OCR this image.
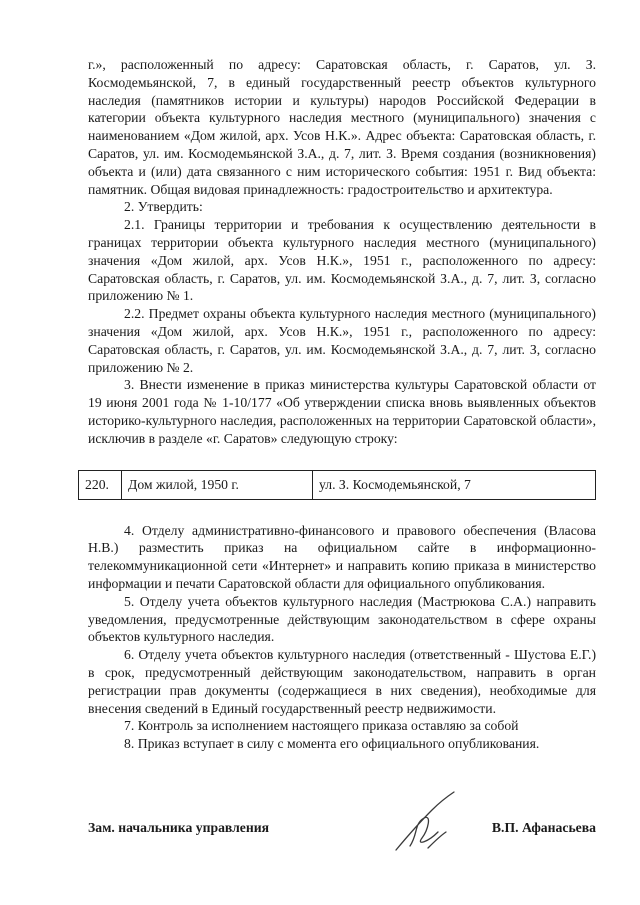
г.», расположенный по адресу: Саратовская область, г. Саратов, ул. З. Космодемьянской, 7, в единый государственный реестр объектов культурного наследия (памятников истории и культуры) народов Российской Федерации в категории объекта культурного наследия местного (муниципального) значения с наименованием «Дом жилой, арх. Усов Н.К.». Адрес объекта: Саратовская область, г. Саратов, ул. им. Космодемьянской З.А., д. 7, лит. З. Время создания (возникновения) объекта и (или) дата связанного с ним исторического события: 1951 г. Вид объекта: памятник. Общая видовая принадлежность: градостроительство и архитектура.

2. Утвердить:

2.1. Границы территории и требования к осуществлению деятельности в границах территории объекта культурного наследия местного (муниципального) значения «Дом жилой, арх. Усов Н.К.», 1951 г., расположенного по адресу: Саратовская область, г. Саратов, ул. им. Космодемьянской З.А., д. 7, лит. З, согласно приложению № 1.

2.2. Предмет охраны объекта культурного наследия местного (муниципального) значения «Дом жилой, арх. Усов Н.К.», 1951 г., расположенного по адресу: Саратовская область, г. Саратов, ул. им. Космодемьянской З.А., д. 7, лит. З, согласно приложению № 2.

3. Внести изменение в приказ министерства культуры Саратовской области от 19 июня 2001 года № 1-10/177 «Об утверждении списка вновь выявленных объектов историко-культурного наследия, расположенных на территории Саратовской области», исключив в разделе «г. Саратов» следующую строку:

220.	Дом жилой, 1950 г.	ул. З. Космодемьянской, 7

4. Отделу административно-финансового и правового обеспечения (Власова Н.В.) разместить приказ на официальном сайте в информационно-телекоммуникационной сети «Интернет» и направить копию приказа в министерство информации и печати Саратовской области для официального опубликования.

5. Отделу учета объектов культурного наследия (Мастрюкова С.А.) направить уведомления, предусмотренные действующим законодательством в сфере охраны объектов культурного наследия.

6. Отделу учета объектов культурного наследия (ответственный - Шустова Е.Г.) в срок, предусмотренный действующим законодательством, направить в орган регистрации прав документы (содержащиеся в них сведения), необходимые для внесения сведений в Единый государственный реестр недвижимости.

7. Контроль за исполнением настоящего приказа оставляю за собой

8. Приказ вступает в силу с момента его официального опубликования.

Зам. начальника управления	В.П. Афанасьева
